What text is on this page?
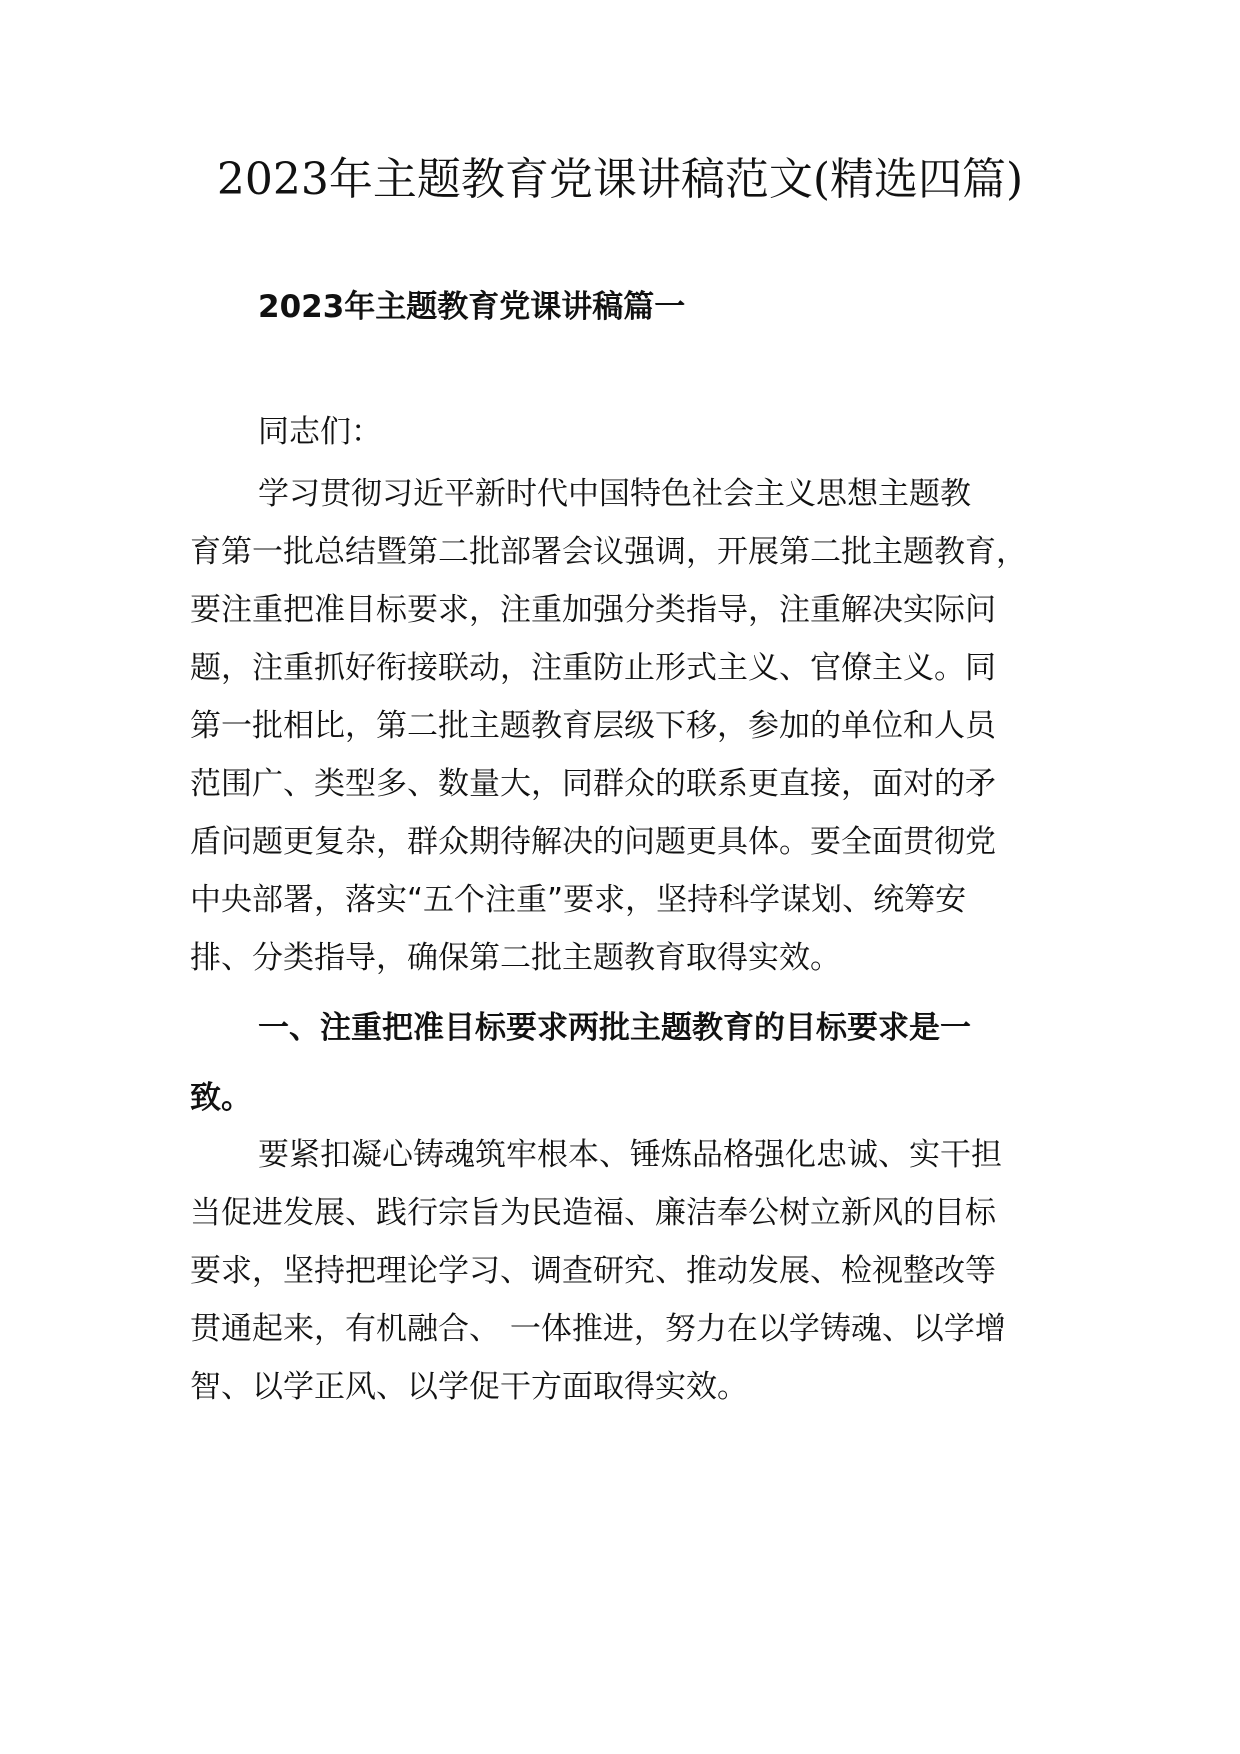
2023年主题教育党课讲稿范文(精选四篇)
2023年主题教育党课讲稿篇一

同志们：

学习贯彻习近平新时代中国特色社会主义思想主题教
育第一批总结暨第二批部署会议强调，开展第二批主题教育，
要注重把准目标要求，注重加强分类指导，注重解决实际问
题，注重抓好衔接联动，注重防止形式主义、官僚主义。同
第一批相比，第二批主题教育层级下移，参加的单位和人员
范围广、类型多、数量大，同群众的联系更直接，面对的矛
盾问题更复杂，群众期待解决的问题更具体。要全面贯彻党
中央部署，落实“五个注重”要求，坚持科学谋划、统筹安
排、分类指导，确保第二批主题教育取得实效。

一、注重把准目标要求两批主题教育的目标要求是一
致。

要紧扣凝心铸魂筑牢根本、锤炼品格强化忠诚、实干担
当促进发展、践行宗旨为民造福、廉洁奉公树立新风的目标
要求，坚持把理论学习、调查研究、推动发展、检视整改等
贯通起来，有机融合、 一体推进，努力在以学铸魂、以学增
智、以学正风、以学促干方面取得实效。
